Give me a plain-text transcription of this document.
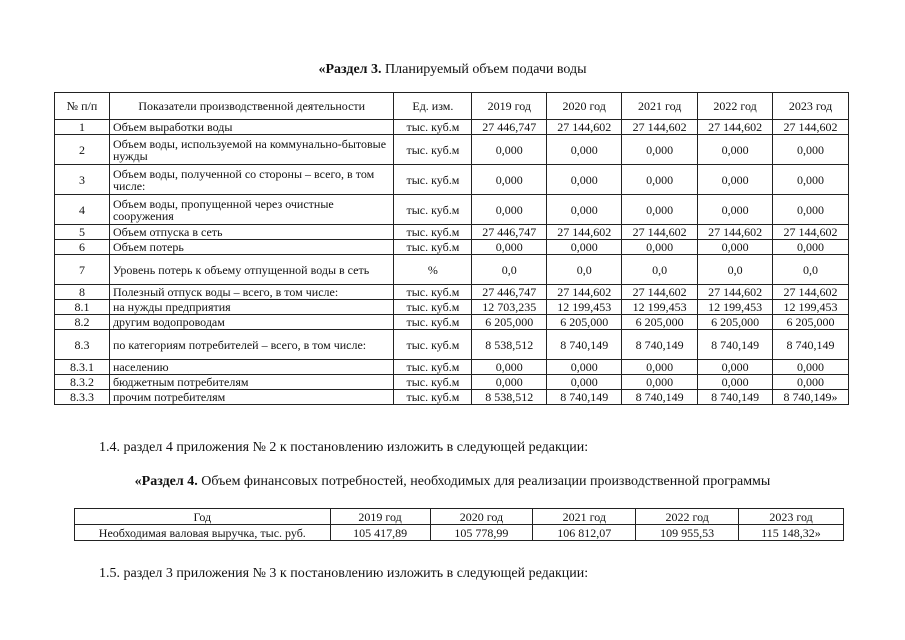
«Раздел 3. Планируемый объем подачи воды
№ п/п	Показатели производственной деятельности	Ед. изм.	2019 год	2020 год	2021 год	2022 год	2023 год
1	Объем выработки воды	тыс. куб.м	27 446,747	27 144,602	27 144,602	27 144,602	27 144,602
2	Объем воды, используемой на коммунально-бытовые нужды	тыс. куб.м	0,000	0,000	0,000	0,000	0,000
3	Объем воды, полученной со стороны – всего, в том числе:	тыс. куб.м	0,000	0,000	0,000	0,000	0,000
4	Объем воды, пропущенной через очистные сооружения	тыс. куб.м	0,000	0,000	0,000	0,000	0,000
5	Объем отпуска в сеть	тыс. куб.м	27 446,747	27 144,602	27 144,602	27 144,602	27 144,602
6	Объем потерь	тыс. куб.м	0,000	0,000	0,000	0,000	0,000
7	Уровень потерь к объему отпущенной воды в сеть	%	0,0	0,0	0,0	0,0	0,0
8	Полезный отпуск воды – всего, в том числе:	тыс. куб.м	27 446,747	27 144,602	27 144,602	27 144,602	27 144,602
8.1	на нужды предприятия	тыс. куб.м	12 703,235	12 199,453	12 199,453	12 199,453	12 199,453
8.2	другим водопроводам	тыс. куб.м	6 205,000	6 205,000	6 205,000	6 205,000	6 205,000
8.3	по категориям потребителей – всего, в том числе:	тыс. куб.м	8 538,512	8 740,149	8 740,149	8 740,149	8 740,149
8.3.1	населению	тыс. куб.м	0,000	0,000	0,000	0,000	0,000
8.3.2	бюджетным потребителям	тыс. куб.м	0,000	0,000	0,000	0,000	0,000
8.3.3	прочим потребителям	тыс. куб.м	8 538,512	8 740,149	8 740,149	8 740,149	8 740,149»
1.4. раздел 4 приложения № 2 к постановлению изложить в следующей редакции:
«Раздел 4. Объем финансовых потребностей, необходимых для реализации производственной программы
Год	2019 год	2020 год	2021 год	2022 год	2023 год
Необходимая валовая выручка, тыс. руб.	105 417,89	105 778,99	106 812,07	109 955,53	115 148,32»
1.5. раздел 3 приложения № 3 к постановлению изложить в следующей редакции:
